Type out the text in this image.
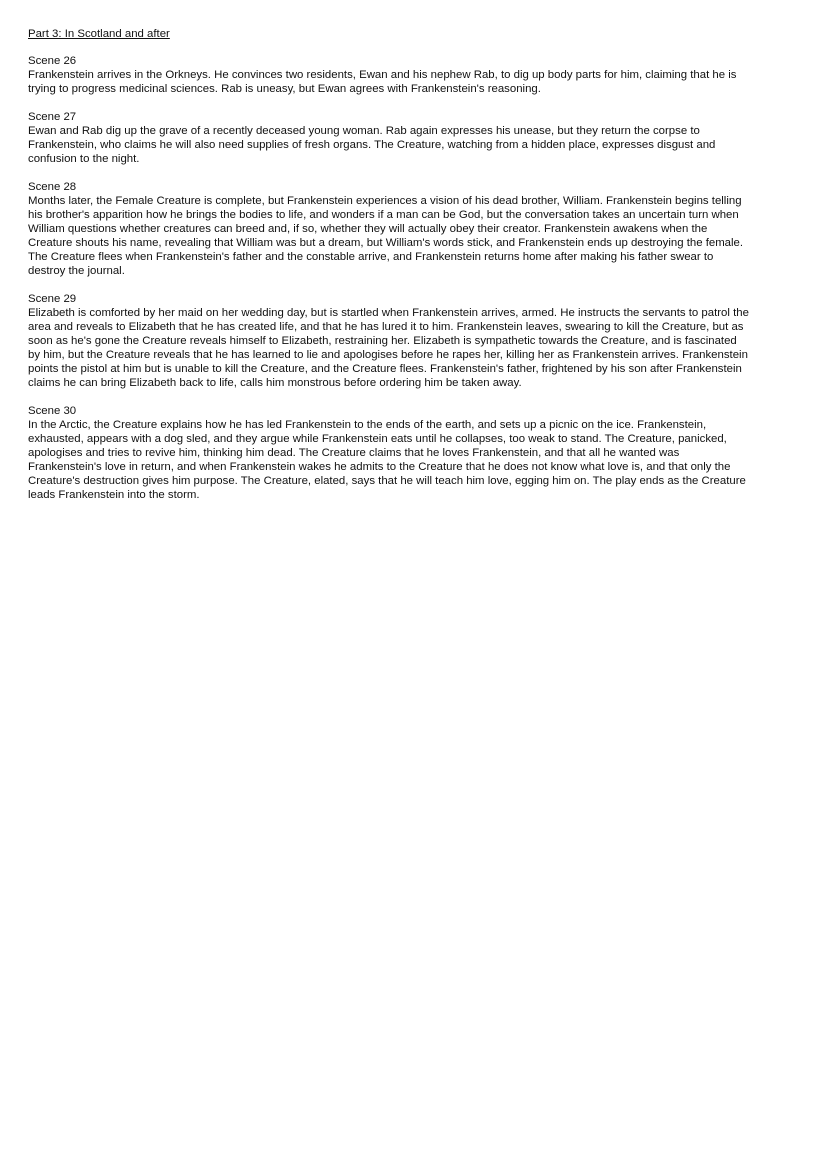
Part 3: In Scotland and after
Scene 26
Frankenstein arrives in the Orkneys. He convinces two residents, Ewan and his nephew Rab, to dig up body parts for him, claiming that he is
trying to progress medicinal sciences. Rab is uneasy, but Ewan agrees with Frankenstein's reasoning.
Scene 27
Ewan and Rab dig up the grave of a recently deceased young woman. Rab again expresses his unease, but they return the corpse to
Frankenstein, who claims he will also need supplies of fresh organs. The Creature, watching from a hidden place, expresses disgust and
confusion to the night.
Scene 28
Months later, the Female Creature is complete, but Frankenstein experiences a vision of his dead brother, William. Frankenstein begins telling
his brother's apparition how he brings the bodies to life, and wonders if a man can be God, but the conversation takes an uncertain turn when
William questions whether creatures can breed and, if so, whether they will actually obey their creator. Frankenstein awakens when the
Creature shouts his name, revealing that William was but a dream, but William's words stick, and Frankenstein ends up destroying the female.
The Creature flees when Frankenstein's father and the constable arrive, and Frankenstein returns home after making his father swear to
destroy the journal.
Scene 29
Elizabeth is comforted by her maid on her wedding day, but is startled when Frankenstein arrives, armed. He instructs the servants to patrol the
area and reveals to Elizabeth that he has created life, and that he has lured it to him. Frankenstein leaves, swearing to kill the Creature, but as
soon as he's gone the Creature reveals himself to Elizabeth, restraining her. Elizabeth is sympathetic towards the Creature, and is fascinated
by him, but the Creature reveals that he has learned to lie and apologises before he rapes her, killing her as Frankenstein arrives. Frankenstein
points the pistol at him but is unable to kill the Creature, and the Creature flees. Frankenstein's father, frightened by his son after Frankenstein
claims he can bring Elizabeth back to life, calls him monstrous before ordering him be taken away.
Scene 30
In the Arctic, the Creature explains how he has led Frankenstein to the ends of the earth, and sets up a picnic on the ice. Frankenstein,
exhausted, appears with a dog sled, and they argue while Frankenstein eats until he collapses, too weak to stand. The Creature, panicked,
apologises and tries to revive him, thinking him dead. The Creature claims that he loves Frankenstein, and that all he wanted was
Frankenstein's love in return, and when Frankenstein wakes he admits to the Creature that he does not know what love is, and that only the
Creature's destruction gives him purpose. The Creature, elated, says that he will teach him love, egging him on. The play ends as the Creature
leads Frankenstein into the storm.
